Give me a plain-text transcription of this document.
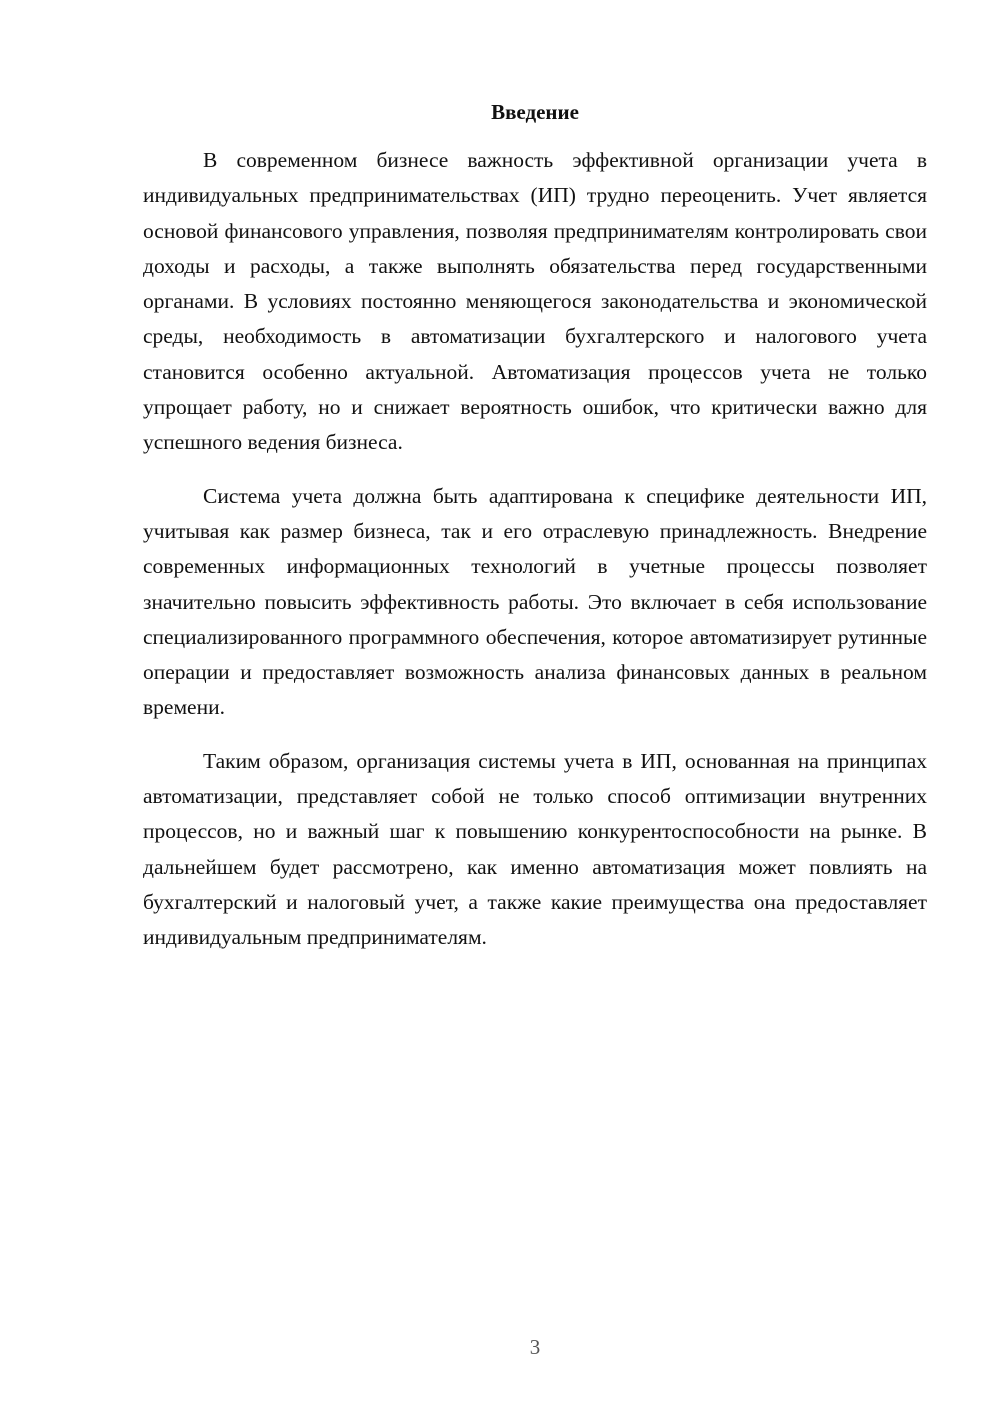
Введение

В современном бизнесе важность эффективной организации учета в индивидуальных предпринимательствах (ИП) трудно переоценить. Учет является основой финансового управления, позволяя предпринимателям контролировать свои доходы и расходы, а также выполнять обязательства перед государственными органами. В условиях постоянно меняющегося законодательства и экономической среды, необходимость в автоматизации бухгалтерского и налогового учета становится особенно актуальной. Автоматизация процессов учета не только упрощает работу, но и снижает вероятность ошибок, что критически важно для успешного ведения бизнеса.

Система учета должна быть адаптирована к специфике деятельности ИП, учитывая как размер бизнеса, так и его отраслевую принадлежность. Внедрение современных информационных технологий в учетные процессы позволяет значительно повысить эффективность работы. Это включает в себя использование специализированного программного обеспечения, которое автоматизирует рутинные операции и предоставляет возможность анализа финансовых данных в реальном времени.

Таким образом, организация системы учета в ИП, основанная на принципах автоматизации, представляет собой не только способ оптимизации внутренних процессов, но и важный шаг к повышению конкурентоспособности на рынке. В дальнейшем будет рассмотрено, как именно автоматизация может повлиять на бухгалтерский и налоговый учет, а также какие преимущества она предоставляет индивидуальным предпринимателям.

3
